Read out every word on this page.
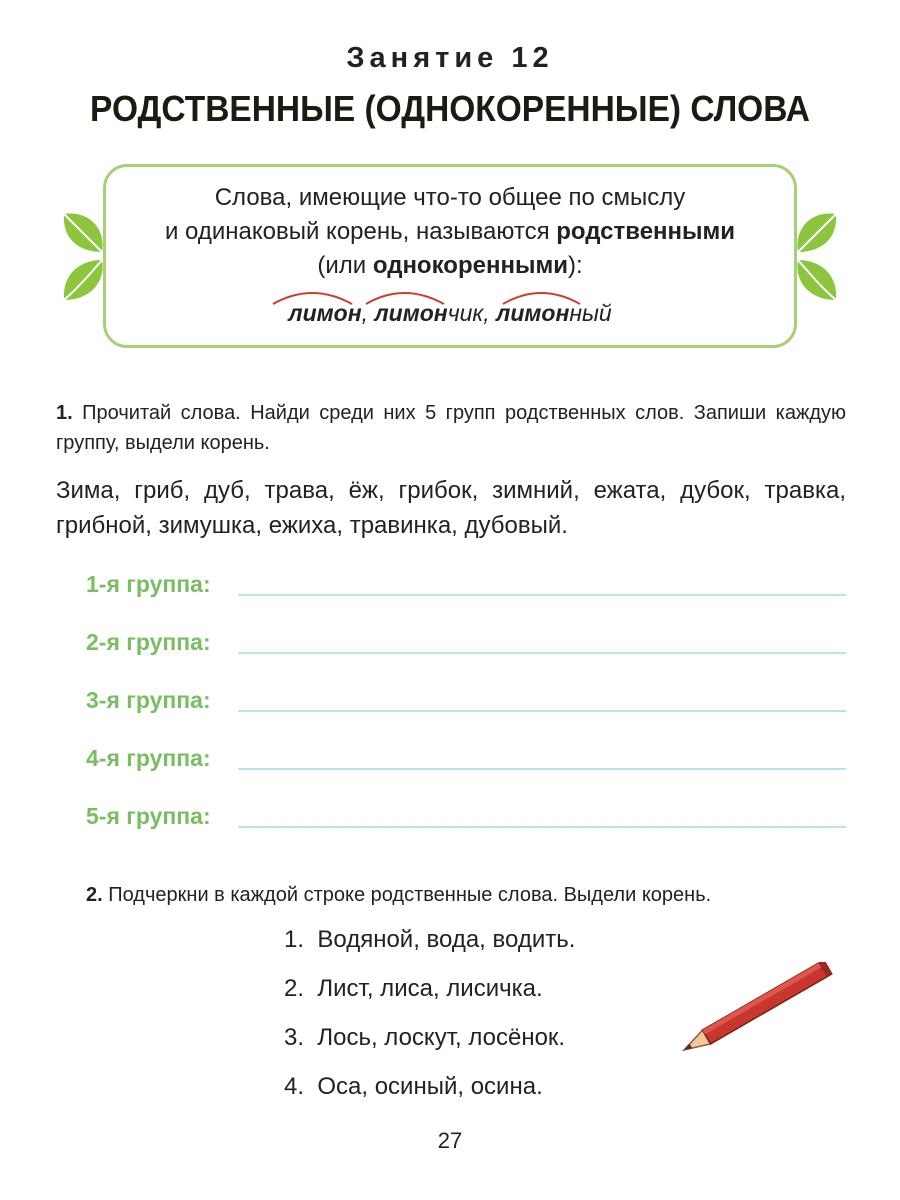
Занятие 12
РОДСТВЕННЫЕ (ОДНОКОРЕННЫЕ) СЛОВА
Слова, имеющие что-то общее по смыслу
и одинаковый корень, называются родственными
(или однокоренными):
лимон, лимончик, лимонный
1. Прочитай слова. Найди среди них 5 групп родственных слов. Запиши каждую группу, выдели корень.
Зима, гриб, дуб, трава, ёж, грибок, зимний, ежата, дубок, травка, грибной, зимушка, ежиха, травинка, дубовый.
1-я группа:
2-я группа:
3-я группа:
4-я группа:
5-я группа:
2. Подчеркни в каждой строке родственные слова. Выдели корень.
1. Водяной, вода, водить.
2. Лист, лиса, лисичка.
3. Лось, лоскут, лосёнок.
4. Оса, осиный, осина.
27
